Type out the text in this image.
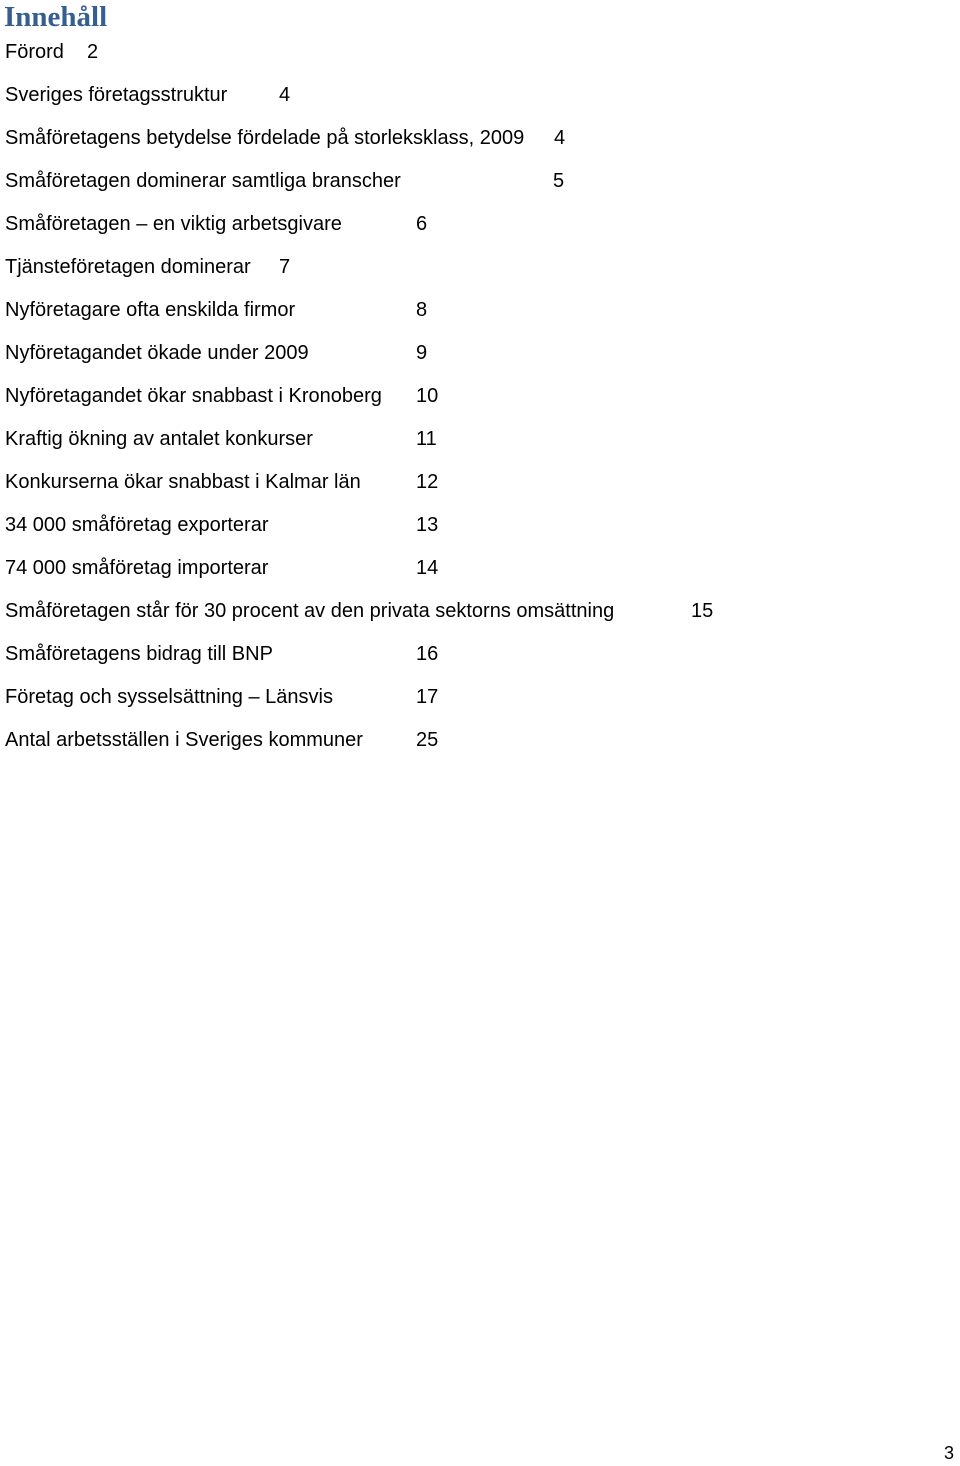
Innehåll
Förord 2
Sveriges företagsstruktur	4
Småföretagens betydelse fördelade på storleksklass, 2009 4
Småföretagen dominerar samtliga branscher	5
Småföretagen – en viktig arbetsgivare	6
Tjänsteföretagen dominerar 7
Nyföretagare ofta enskilda firmor	8
Nyföretagandet ökade under 2009	9
Nyföretagandet ökar snabbast i Kronoberg 10
Kraftig ökning av antalet konkurser	11
Konkurserna ökar snabbast i Kalmar län	12
34 000 småföretag exporterar	13
74 000 småföretag importerar	14
Småföretagen står för 30 procent av den privata sektorns omsättning	15
Småföretagens bidrag till BNP	16
Företag och sysselsättning – Länsvis	17
Antal arbetsställen i Sveriges kommuner	25
3
